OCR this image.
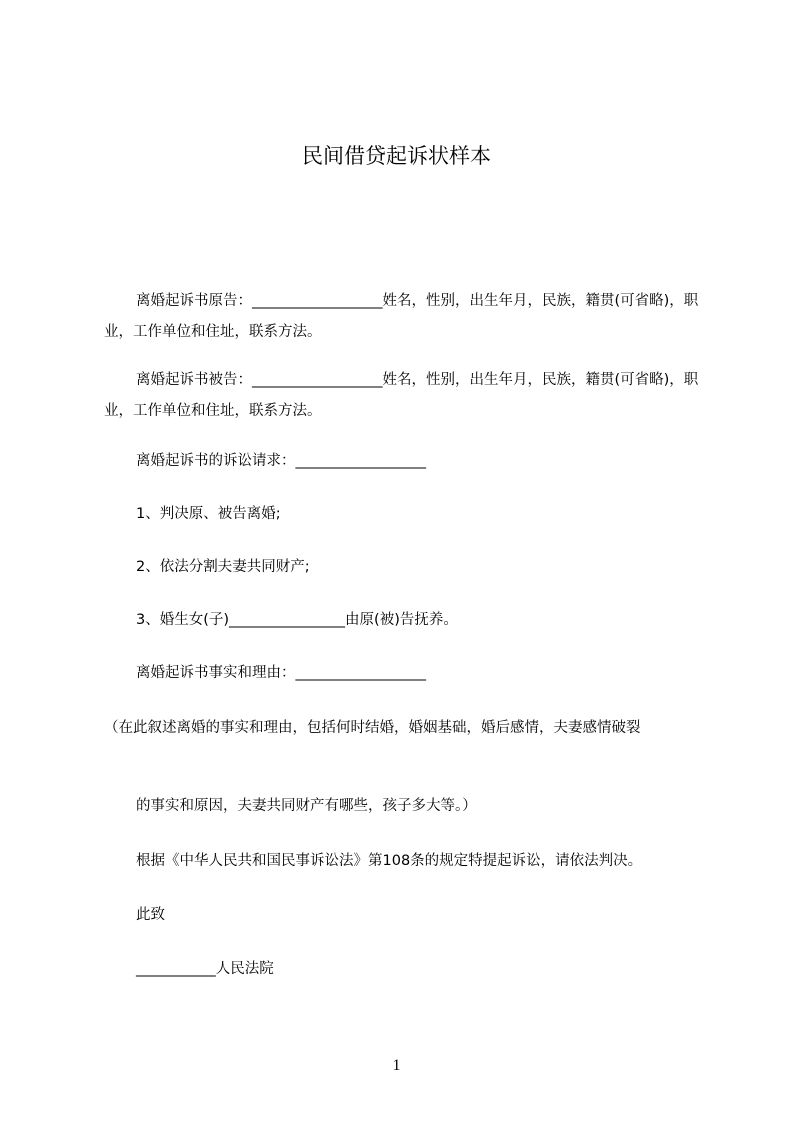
民间借贷起诉状样本
离婚起诉书原告：__________________姓名，性别，出生年月，民族，籍贯(可省略)，职业，工作单位和住址，联系方法。
离婚起诉书被告：__________________姓名，性别，出生年月，民族，籍贯(可省略)，职业，工作单位和住址，联系方法。
离婚起诉书的诉讼请求：__________________
1、判决原、被告离婚;
2、依法分割夫妻共同财产;
3、婚生女(子)________________由原(被)告抚养。
离婚起诉书事实和理由：__________________
（在此叙述离婚的事实和理由，包括何时结婚，婚姻基础，婚后感情，夫妻感情破裂
的事实和原因，夫妻共同财产有哪些，孩子多大等。）
根据《中华人民共和国民事诉讼法》第108条的规定特提起诉讼，请依法判决。
此致
___________人民法院
1
